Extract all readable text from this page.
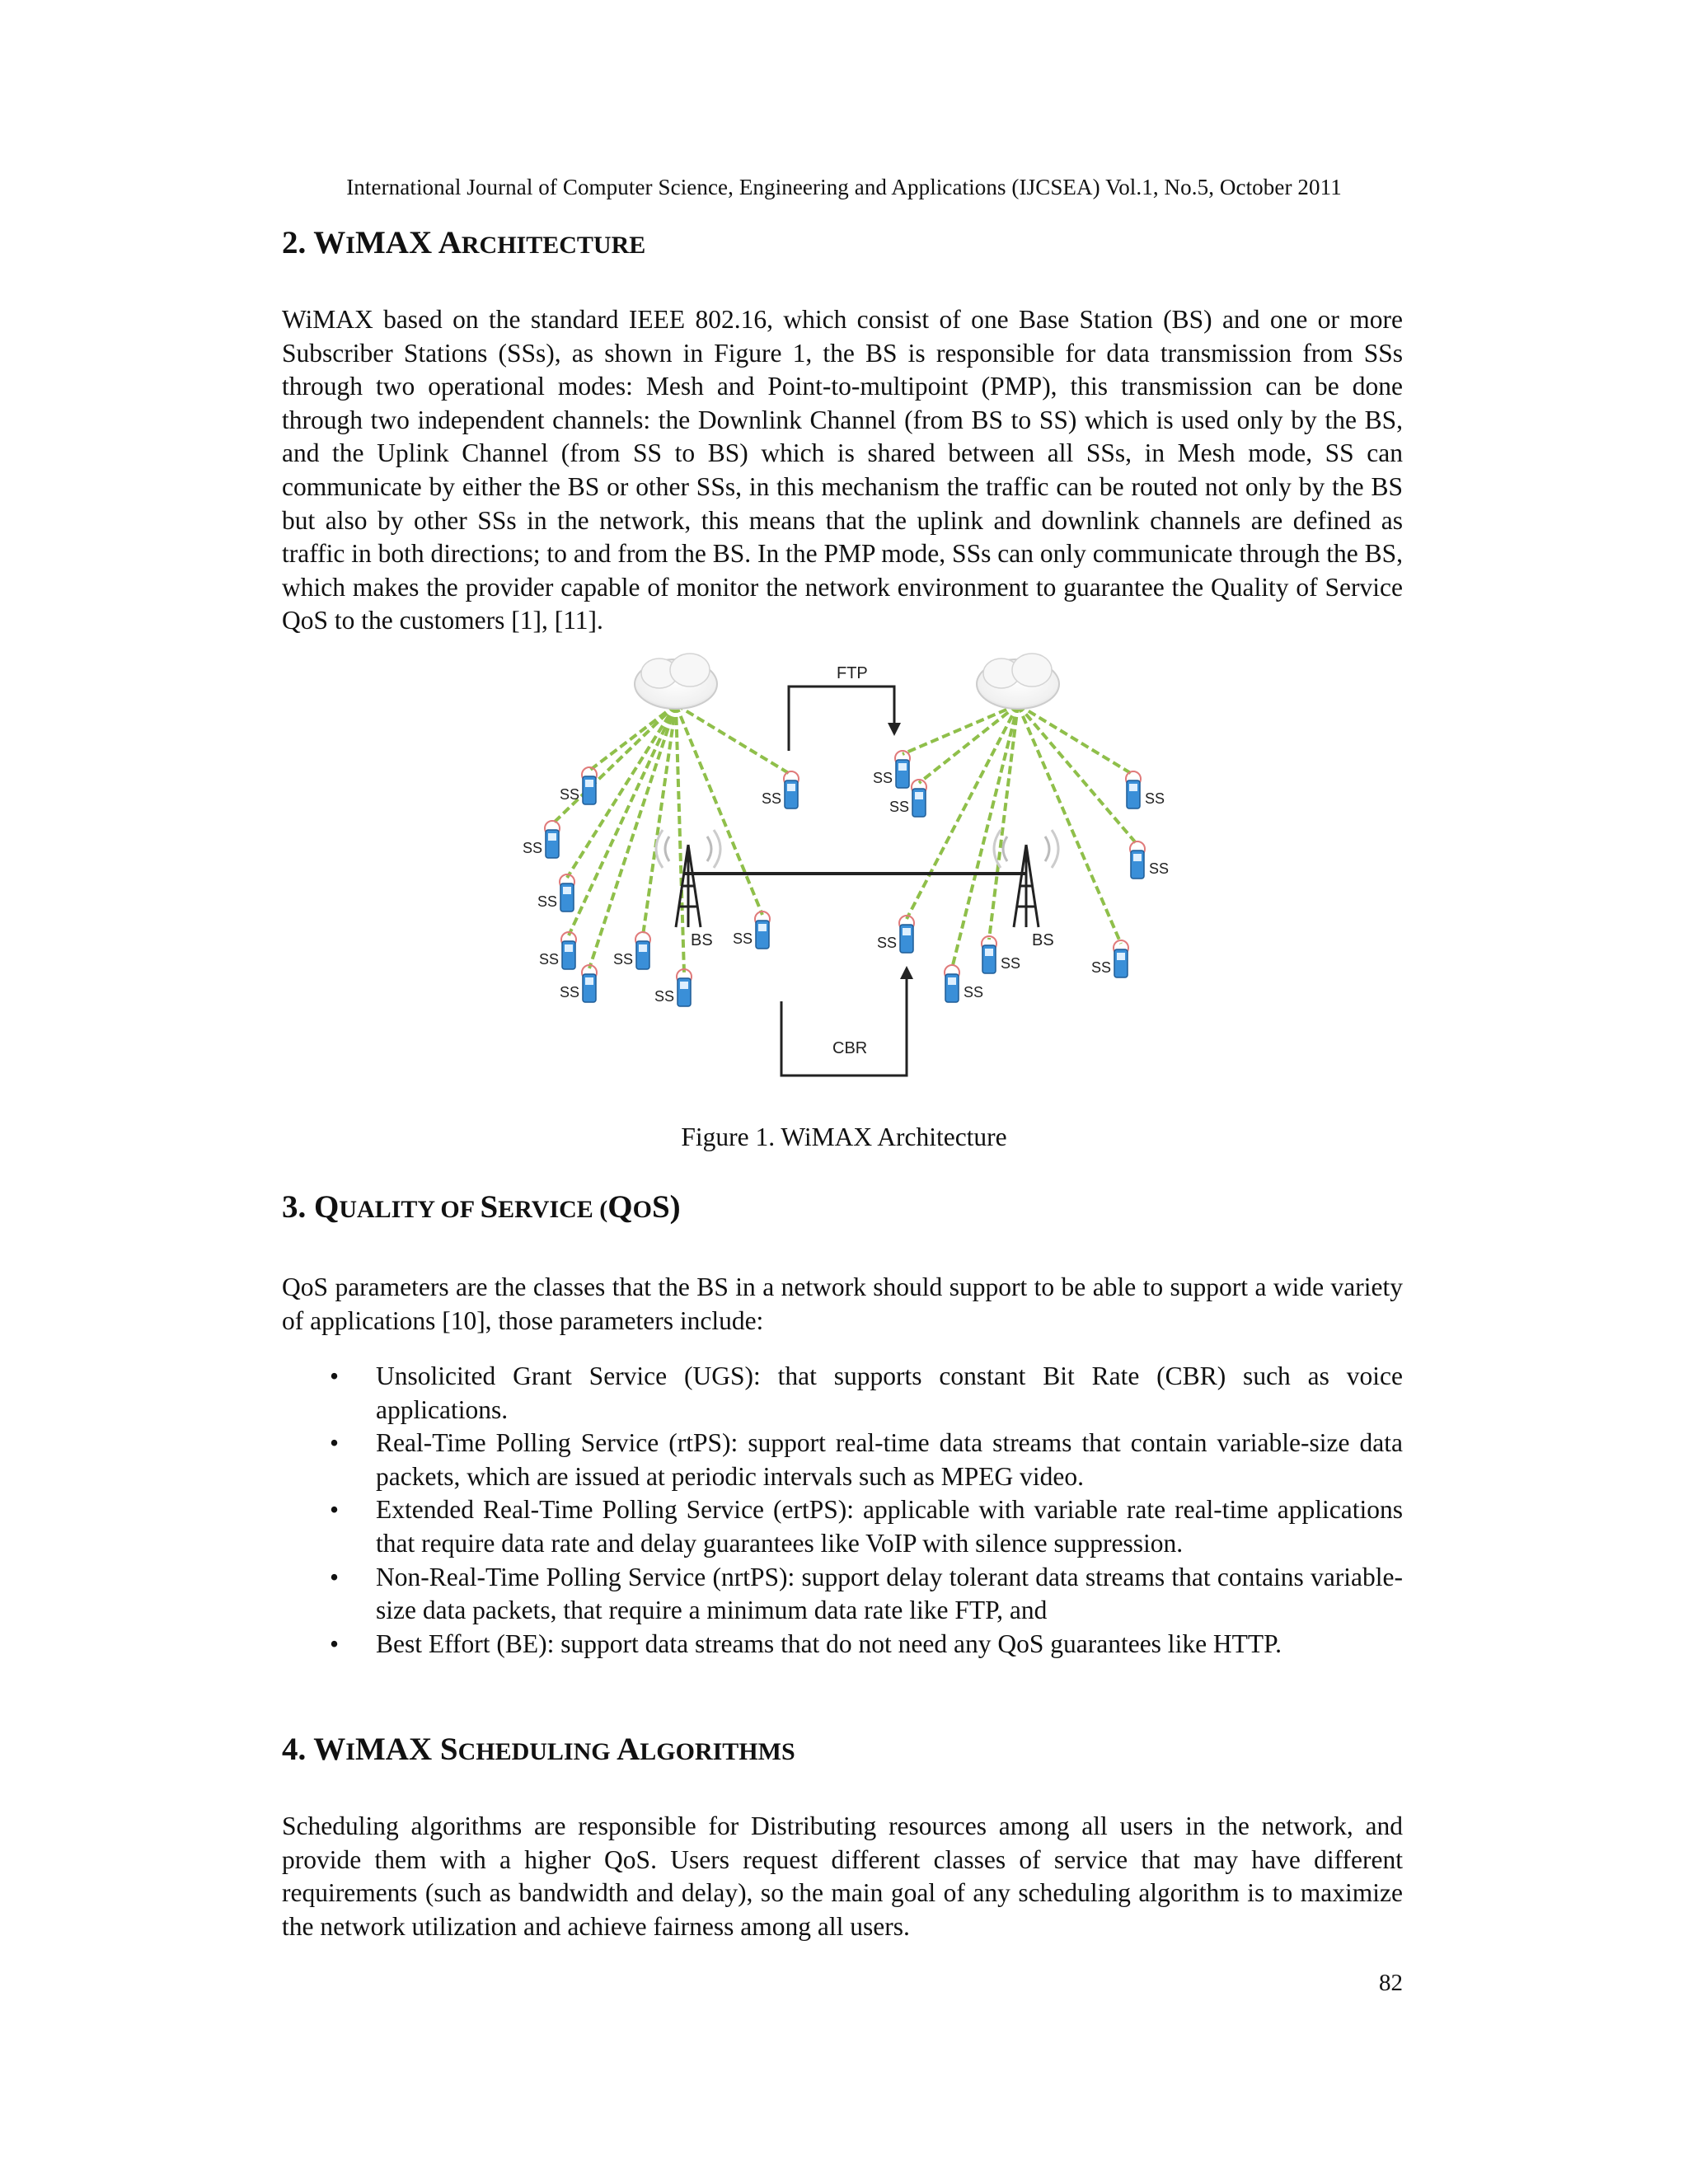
International Journal of Computer Science, Engineering and Applications (IJCSEA) Vol.1, No.5, October 2011
2. WIMAX ARCHITECTURE

WiMAX based on the standard IEEE 802.16, which consist of one Base Station (BS) and one or more Subscriber Stations (SSs), as shown in Figure 1, the BS is responsible for data transmission from SSs through two operational modes: Mesh and Point-to-multipoint (PMP), this transmission can be done through two independent channels: the Downlink Channel (from BS to SS) which is used only by the BS, and the Uplink Channel (from SS to BS) which is shared between all SSs, in Mesh mode, SS can communicate by either the BS or other SSs, in this mechanism the traffic can be routed not only by the BS but also by other SSs in the network, this means that the uplink and downlink channels are defined as traffic in both directions; to and from the BS. In the PMP mode, SSs can only communicate through the BS, which makes the provider capable of monitor the network environment to guarantee the Quality of Service QoS to the customers [1], [11].

BS	BS
FTP
CBR
SS
SS
SS
SS
SS
SS
SS
SS
SS
SS
SS
SS
SS
SS
SS
SS
SS
Figure 1. WiMAX Architecture
3. QUALITY OF SERVICE (QOS)

QoS parameters are the classes that the BS in a network should support to be able to support a wide variety of applications [10], those parameters include:

• Unsolicited Grant Service (UGS): that supports constant Bit Rate (CBR) such as voice applications.
• Real-Time Polling Service (rtPS): support real-time data streams that contain variable-size data packets, which are issued at periodic intervals such as MPEG video.
• Extended Real-Time Polling Service (ertPS): applicable with variable rate real-time applications that require data rate and delay guarantees like VoIP with silence suppression.
• Non-Real-Time Polling Service (nrtPS): support delay tolerant data streams that contains variable-size data packets, that require a minimum data rate like FTP, and
• Best Effort (BE): support data streams that do not need any QoS guarantees like HTTP.
4. WIMAX SCHEDULING ALGORITHMS

Scheduling algorithms are responsible for Distributing resources among all users in the network, and provide them with a higher QoS. Users request different classes of service that may have different requirements (such as bandwidth and delay), so the main goal of any scheduling algorithm is to maximize the network utilization and achieve fairness among all users.

82
